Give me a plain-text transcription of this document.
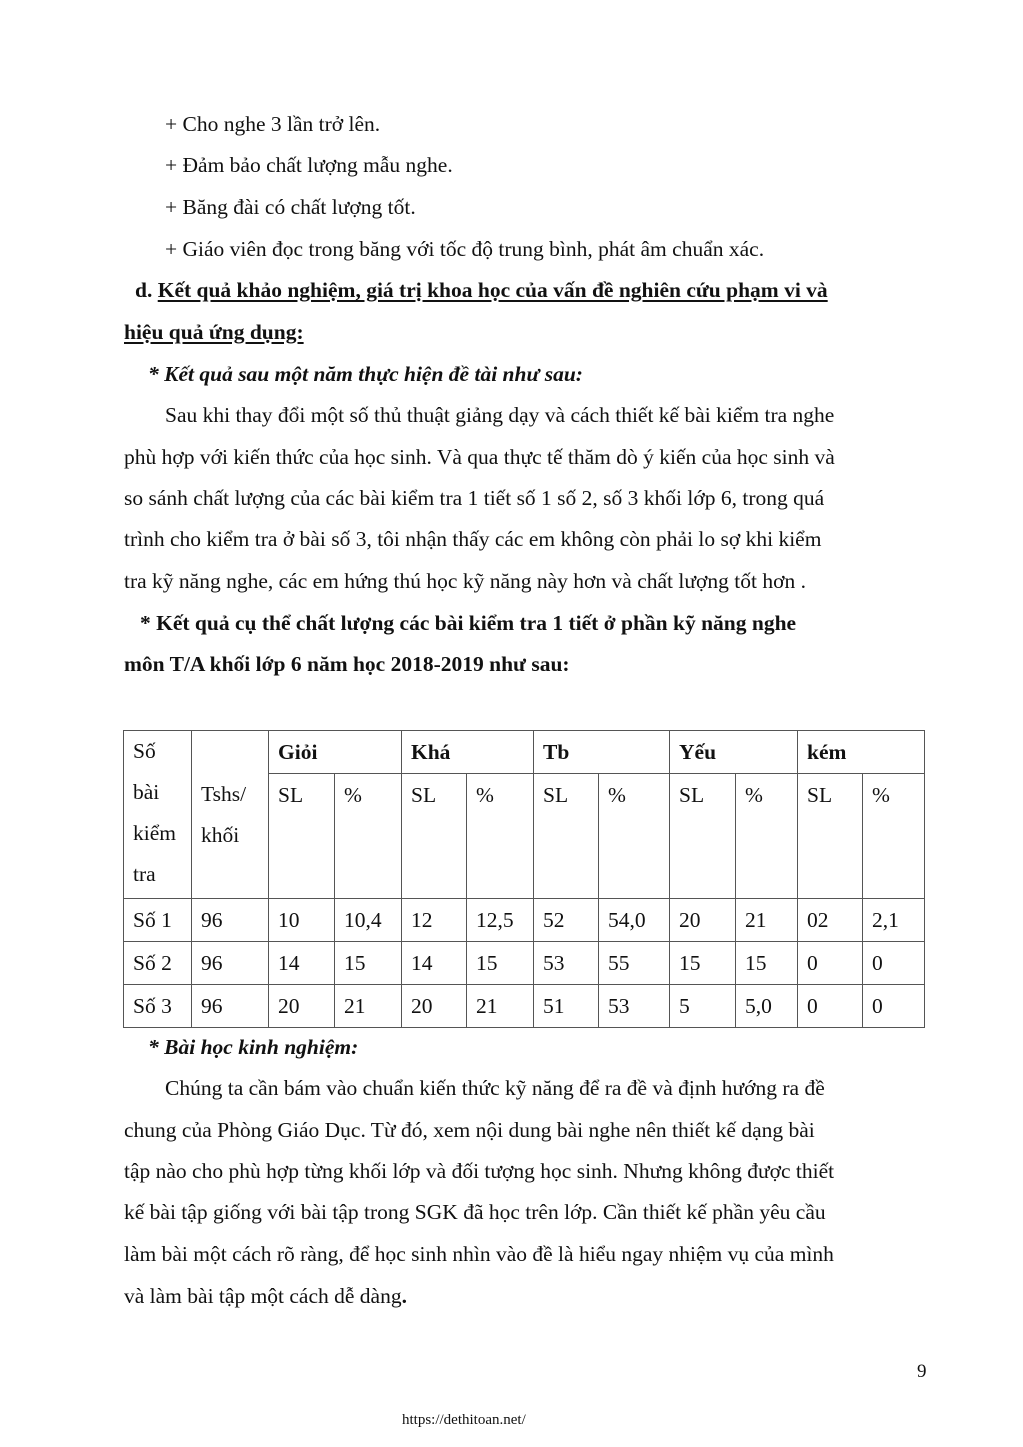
+ Cho nghe 3 lần trở lên.
+ Đảm bảo chất lượng mẫu nghe.
+ Băng đài có chất lượng tốt.
+ Giáo viên đọc trong băng với tốc độ trung bình, phát âm chuẩn xác.
d. Kết quả khảo nghiệm, giá trị khoa học của vấn đề nghiên cứu phạm vi và
hiệu quả ứng dụng:
* Kết quả sau một năm thực hiện đề tài như sau:
Sau khi thay đổi một số thủ thuật giảng dạy và cách thiết kế bài kiểm tra nghe
phù hợp với kiến thức của học sinh. Và qua thực tế thăm dò ý kiến của học sinh và
so sánh chất lượng của các bài kiểm tra 1 tiết số 1 số 2, số 3 khối lớp 6, trong quá
trình cho kiểm tra ở bài số 3, tôi nhận thấy các em không còn phải lo sợ khi kiểm
tra kỹ năng nghe, các em hứng thú học kỹ năng này hơn và chất lượng tốt hơn .
* Kết quả cụ thể chất lượng các bài kiểm tra 1 tiết ở phần kỹ năng nghe
môn T/A khối lớp 6 năm học 2018-2019 như sau:
Số
bài
kiểm
tra	Tshs/ khối	Giỏi		Khá		Tb		Yếu		kém	
		SL	%	SL	%	SL	%	SL	%	SL	%
Số 1	96	10	10,4	12	12,5	52	54,0	20	21	02	2,1
Số 2	96	14	15	14	15	53	55	15	15	0	0
Số 3	96	20	21	20	21	51	53	5	5,0	0	0
* Bài học kinh nghiệm:
Chúng ta cần bám vào chuẩn kiến thức kỹ năng để ra đề và định hướng ra đề
chung của Phòng Giáo Dục. Từ đó, xem nội dung bài nghe nên thiết kế dạng bài
tập nào cho phù hợp từng khối lớp và đối tượng học sinh. Nhưng không được thiết
kế bài tập giống với bài tập trong SGK đã học trên lớp. Cần thiết kế phần yêu cầu
làm bài một cách rõ ràng, để học sinh nhìn vào đề là hiểu ngay nhiệm vụ của mình
và làm bài tập một cách dễ dàng.
9
https://dethitoan.net/
